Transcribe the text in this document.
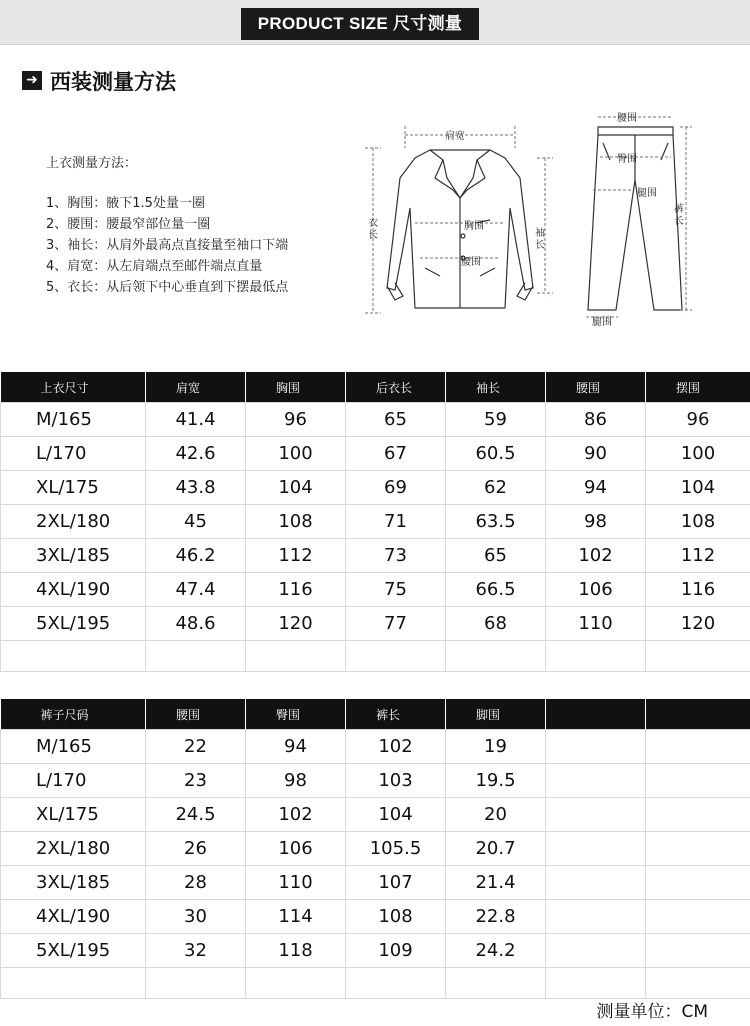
PRODUCT SIZE 尺寸测量
➜ 西装测量方法
上衣测量方法：
1、胸围：腋下1.5处量一圈
2、腰围：腰最窄部位量一圈
3、袖长：从肩外最高点直接量至袖口下端
4、肩宽：从左肩端点至邮件端点直量
5、衣长：从后领下中心垂直到下摆最低点
肩宽
衣长
胸围
袖长
腰围
腰围
臀围
腿围
裤长
腿围
上衣尺寸	肩宽	胸围	后衣长	袖长	腰围	摆围
M/165	41.4	96	65	59	86	96
L/170	42.6	100	67	60.5	90	100
XL/175	43.8	104	69	62	94	104
2XL/180	45	108	71	63.5	98	108
3XL/185	46.2	112	73	65	102	112
4XL/190	47.4	116	75	66.5	106	116
5XL/195	48.6	120	77	68	110	120

裤子尺码	腰围	臀围	裤长	脚围		
M/165	22	94	102	19		
L/170	23	98	103	19.5		
XL/175	24.5	102	104	20		
2XL/180	26	106	105.5	20.7		
3XL/185	28	110	107	21.4		
4XL/190	30	114	108	22.8		
5XL/195	32	118	109	24.2		

测量单位：CM
